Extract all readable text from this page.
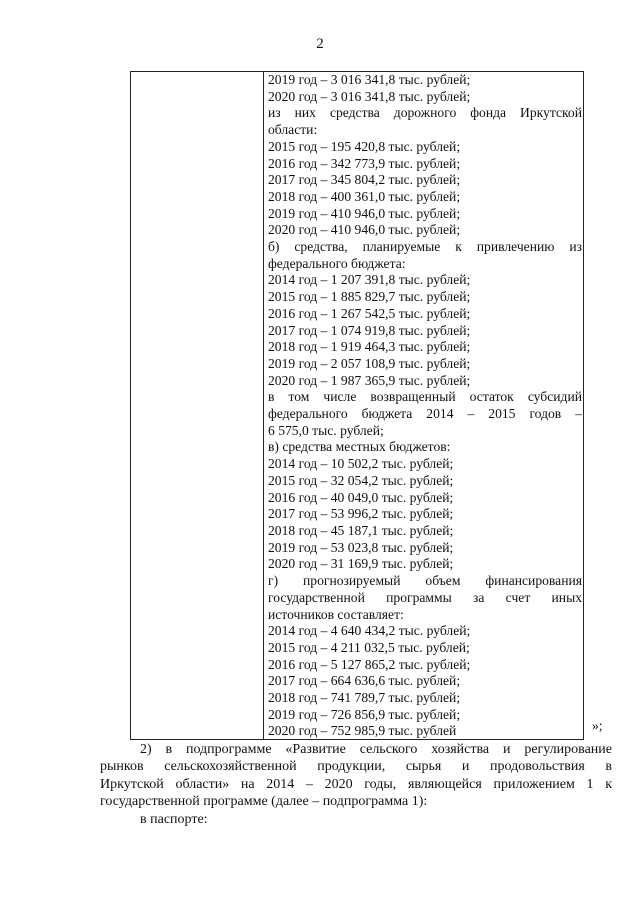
2
2019 год – 3 016 341,8 тыс. рублей;
2020 год – 3 016 341,8 тыс. рублей;
из них средства дорожного фонда Иркутской
области:
2015 год – 195 420,8 тыс. рублей;
2016 год – 342 773,9 тыс. рублей;
2017 год – 345 804,2 тыс. рублей;
2018 год – 400 361,0 тыс. рублей;
2019 год – 410 946,0 тыс. рублей;
2020 год – 410 946,0 тыс. рублей;
б) средства, планируемые к привлечению из
федерального бюджета:
2014 год – 1 207 391,8 тыс. рублей;
2015 год – 1 885 829,7 тыс. рублей;
2016 год – 1 267 542,5 тыс. рублей;
2017 год – 1 074 919,8 тыс. рублей;
2018 год – 1 919 464,3 тыс. рублей;
2019 год – 2 057 108,9 тыс. рублей;
2020 год – 1 987 365,9 тыс. рублей;
в том числе возвращенный остаток субсидий
федерального бюджета 2014 – 2015 годов –
6 575,0 тыс. рублей;
в) средства местных бюджетов:
2014 год – 10 502,2 тыс. рублей;
2015 год – 32 054,2 тыс. рублей;
2016 год – 40 049,0 тыс. рублей;
2017 год – 53 996,2 тыс. рублей;
2018 год – 45 187,1 тыс. рублей;
2019 год – 53 023,8 тыс. рублей;
2020 год – 31 169,9 тыс. рублей;
г) прогнозируемый объем финансирования
государственной программы за счет иных
источников составляет:
2014 год – 4 640 434,2 тыс. рублей;
2015 год – 4 211 032,5 тыс. рублей;
2016 год – 5 127 865,2 тыс. рублей;
2017 год – 664 636,6 тыс. рублей;
2018 год – 741 789,7 тыс. рублей;
2019 год – 726 856,9 тыс. рублей;
2020 год – 752 985,9 тыс. рублей	»;
2) в подпрограмме «Развитие сельского хозяйства и регулирование
рынков сельскохозяйственной продукции, сырья и продовольствия в
Иркутской области» на 2014 – 2020 годы, являющейся приложением 1 к
государственной программе (далее – подпрограмма 1):
в паспорте:
